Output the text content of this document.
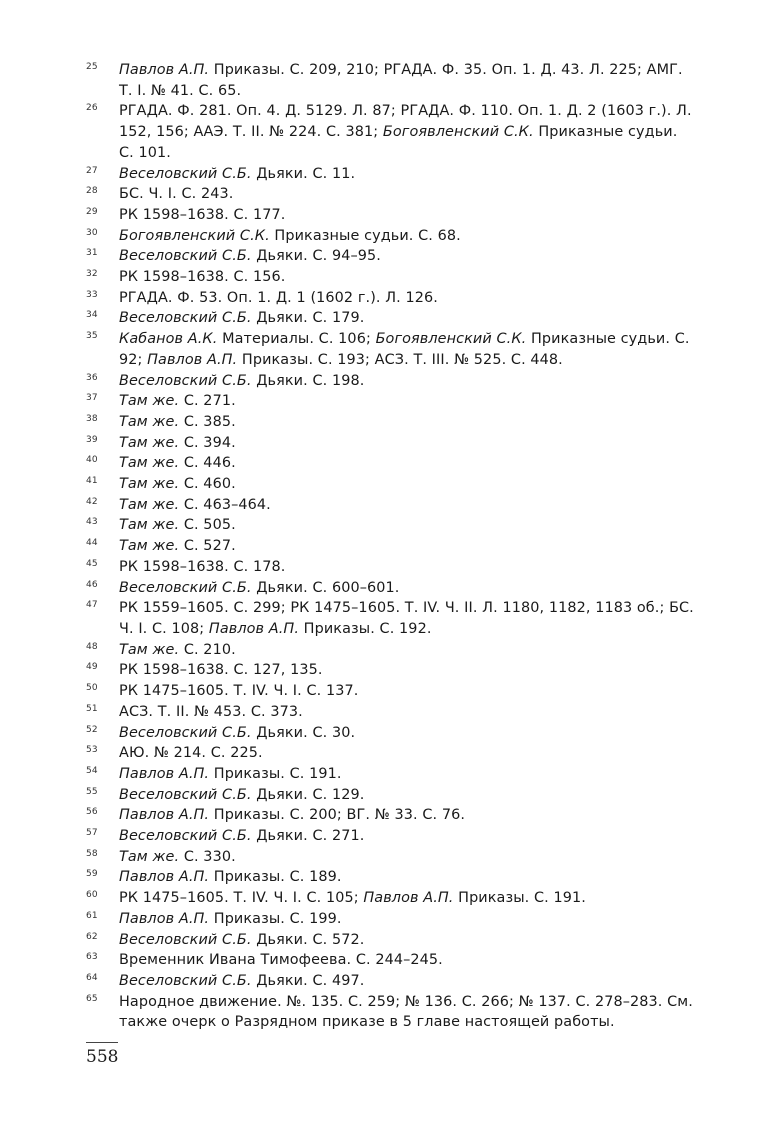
25 Павлов А.П. Приказы. С. 209, 210; РГАДА. Ф. 35. Оп. 1. Д. 43. Л. 225; АМГ. Т. I. № 41. С. 65.
26 РГАДА. Ф. 281. Оп. 4. Д. 5129. Л. 87; РГАДА. Ф. 110. Оп. 1. Д. 2 (1603 г.). Л. 152, 156; ААЭ. Т. II. № 224. С. 381; Богоявленский С.К. Приказные судьи. С. 101.
27 Веселовский С.Б. Дьяки. С. 11.
28 БС. Ч. I. С. 243.
29 РК 1598–1638. С. 177.
30 Богоявленский С.К. Приказные судьи. С. 68.
31 Веселовский С.Б. Дьяки. С. 94–95.
32 РК 1598–1638. С. 156.
33 РГАДА. Ф. 53. Оп. 1. Д. 1 (1602 г.). Л. 126.
34 Веселовский С.Б. Дьяки. С. 179.
35 Кабанов А.К. Материалы. С. 106; Богоявленский С.К. Приказные судьи. С. 92; Павлов А.П. Приказы. С. 193; АСЗ. Т. III. № 525. С. 448.
36 Веселовский С.Б. Дьяки. С. 198.
37 Там же. С. 271.
38 Там же. С. 385.
39 Там же. С. 394.
40 Там же. С. 446.
41 Там же. С. 460.
42 Там же. С. 463–464.
43 Там же. С. 505.
44 Там же. С. 527.
45 РК 1598–1638. С. 178.
46 Веселовский С.Б. Дьяки. С. 600–601.
47 РК 1559–1605. С. 299; РК 1475–1605. Т. IV. Ч. II. Л. 1180, 1182, 1183 об.; БС. Ч. I. С. 108; Павлов А.П. Приказы. С. 192.
48 Там же. С. 210.
49 РК 1598–1638. С. 127, 135.
50 РК 1475–1605. Т. IV. Ч. I. С. 137.
51 АСЗ. Т. II. № 453. С. 373.
52 Веселовский С.Б. Дьяки. С. 30.
53 АЮ. № 214. С. 225.
54 Павлов А.П. Приказы. С. 191.
55 Веселовский С.Б. Дьяки. С. 129.
56 Павлов А.П. Приказы. С. 200; ВГ. № 33. С. 76.
57 Веселовский С.Б. Дьяки. С. 271.
58 Там же. С. 330.
59 Павлов А.П. Приказы. С. 189.
60 РК 1475–1605. Т. IV. Ч. I. С. 105; Павлов А.П. Приказы. С. 191.
61 Павлов А.П. Приказы. С. 199.
62 Веселовский С.Б. Дьяки. С. 572.
63 Временник Ивана Тимофеева. С. 244–245.
64 Веселовский С.Б. Дьяки. С. 497.
65 Народное движение. №. 135. С. 259; № 136. С. 266; № 137. С. 278–283. См. также очерк о Разрядном приказе в 5 главе настоящей работы.
558
